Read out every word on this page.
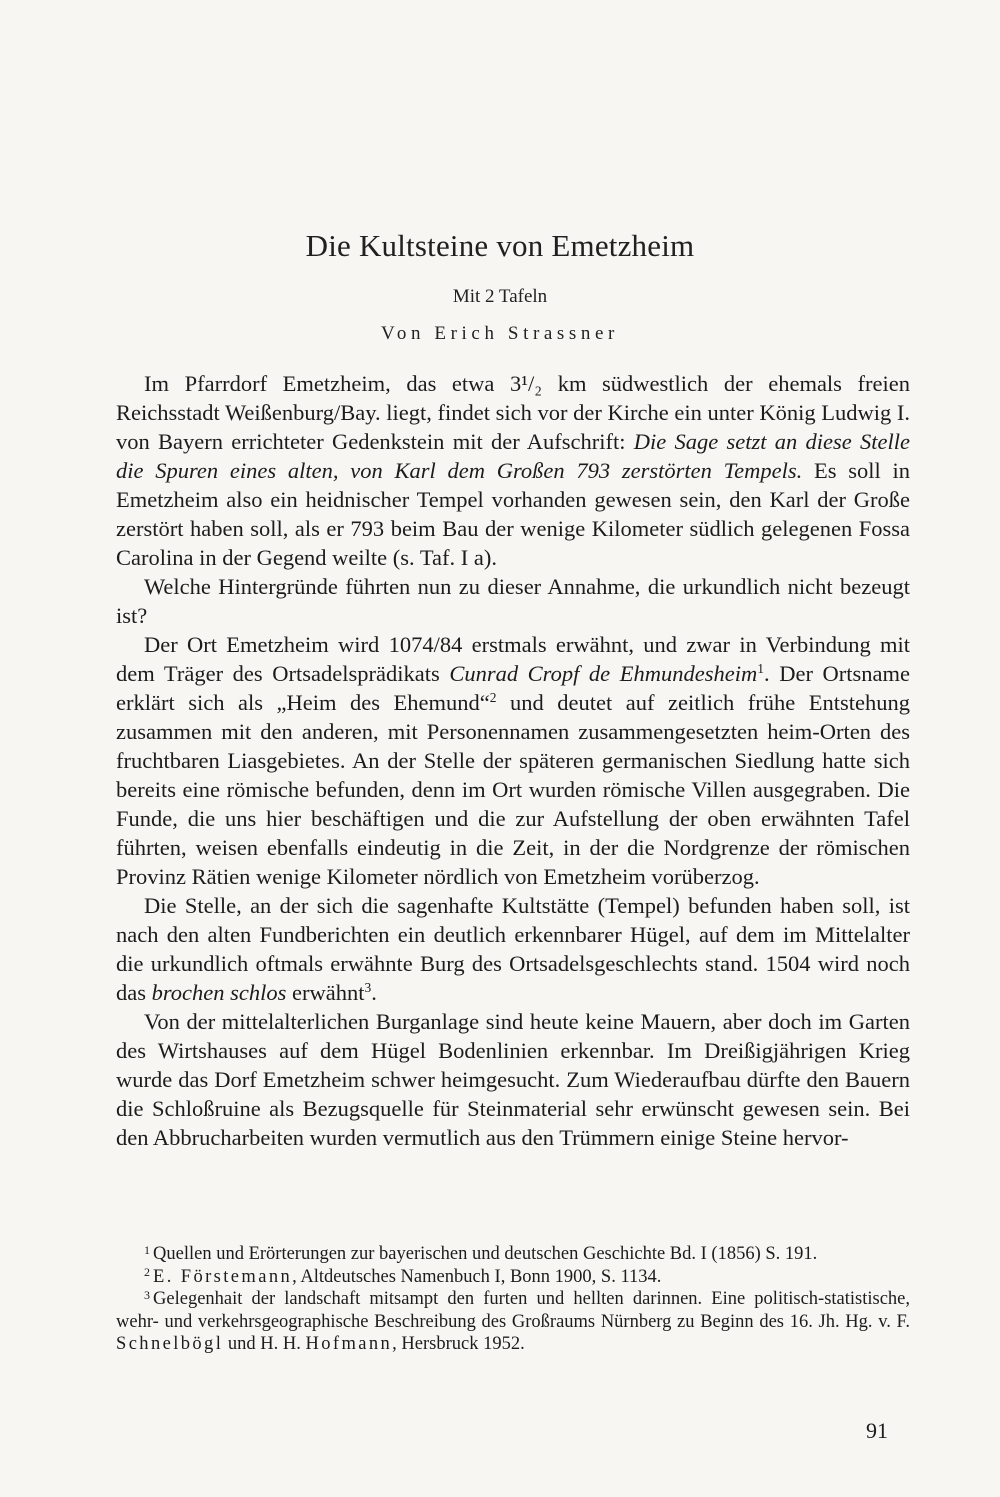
Die Kultsteine von Emetzheim
Mit 2 Tafeln
Von Erich Strassner

Im Pfarrdorf Emetzheim, das etwa 3¹/₂ km südwestlich der ehemals freien Reichsstadt Weißenburg/Bay. liegt, findet sich vor der Kirche ein unter König Ludwig I. von Bayern errichteter Gedenkstein mit der Aufschrift: Die Sage setzt an diese Stelle die Spuren eines alten, von Karl dem Großen 793 zerstörten Tempels. Es soll in Emetzheim also ein heidnischer Tempel vorhanden gewesen sein, den Karl der Große zerstört haben soll, als er 793 beim Bau der wenige Kilometer südlich gelegenen Fossa Carolina in der Gegend weilte (s. Taf. I a).

Welche Hintergründe führten nun zu dieser Annahme, die urkundlich nicht bezeugt ist?

Der Ort Emetzheim wird 1074/84 erstmals erwähnt, und zwar in Verbindung mit dem Träger des Ortsadelsprädikats Cunrad Cropf de Ehmundesheim$^1$. Der Ortsname erklärt sich als „Heim des Ehemund“$^2$ und deutet auf zeitlich frühe Entstehung zusammen mit den anderen, mit Personennamen zusammengesetzten heim-Orten des fruchtbaren Liasgebietes. An der Stelle der späteren germanischen Siedlung hatte sich bereits eine römische befunden, denn im Ort wurden römische Villen ausgegraben. Die Funde, die uns hier beschäftigen und die zur Aufstellung der oben erwähnten Tafel führten, weisen ebenfalls eindeutig in die Zeit, in der die Nordgrenze der römischen Provinz Rätien wenige Kilometer nördlich von Emetzheim vorüberzog.

Die Stelle, an der sich die sagenhafte Kultstätte (Tempel) befunden haben soll, ist nach den alten Fundberichten ein deutlich erkennbarer Hügel, auf dem im Mittelalter die urkundlich oftmals erwähnte Burg des Ortsadelsgeschlechts stand. 1504 wird noch das brochen schlos erwähnt$^3$.

Von der mittelalterlichen Burganlage sind heute keine Mauern, aber doch im Garten des Wirtshauses auf dem Hügel Bodenlinien erkennbar. Im Dreißigjährigen Krieg wurde das Dorf Emetzheim schwer heimgesucht. Zum Wiederaufbau dürfte den Bauern die Schloßruine als Bezugsquelle für Steinmaterial sehr erwünscht gewesen sein. Bei den Abbrucharbeiten wurden vermutlich aus den Trümmern einige Steine hervor-

$^1$ Quellen und Erörterungen zur bayerischen und deutschen Geschichte Bd. I (1856) S. 191.

$^2$ E. Förstemann, Altdeutsches Namenbuch I, Bonn 1900, S. 1134.

$^3$ Gelegenhait der landschaft mitsampt den furten und hellten darinnen. Eine politisch-statistische, wehr- und verkehrsgeographische Beschreibung des Großraums Nürnberg zu Beginn des 16. Jh. Hg. v. F. Schnelbögl und H. H. Hofmann, Hersbruck 1952.

91
